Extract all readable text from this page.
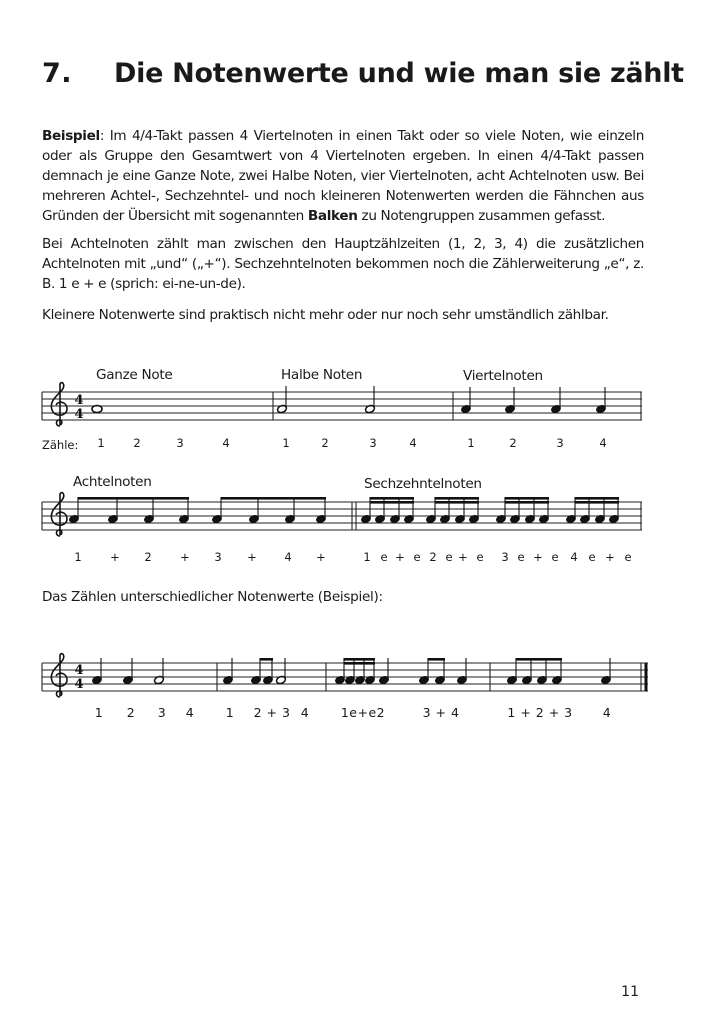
7. Die Notenwerte und wie man sie zählt
Beispiel: Im 4/4-Takt passen 4 Viertelnoten in einen Takt oder so viele Noten, wie einzeln oder als Gruppe den Gesamtwert von 4 Viertelnoten ergeben. In einen 4/4-Takt passen demnach je eine Ganze Note, zwei Halbe Noten, vier Viertelnoten, acht Achtelnoten usw. Bei mehreren Achtel-, Sechzehntel- und noch kleineren Notenwerten werden die Fähnchen aus Gründen der Übersicht mit sogenannten Balken zu Notengruppen zusammen gefasst.
Bei Achtelnoten zählt man zwischen den Hauptzählzeiten (1, 2, 3, 4) die zusätzlichen Achtelnoten mit „und“ („+“). Sechzehntelnoten bekommen noch die Zählerweiterung „e“, z. B. 1 e + e (sprich: ei-ne-un-de).
Kleinere Notenwerte sind praktisch nicht mehr oder nur noch sehr umständlich zählbar.
Ganze Note	Halbe Noten	Viertelnoten
4
4
Zähle:	1	2	3	4	1	2	3	4	1	2	3	4
Achtelnoten	Sechzehntelnoten
1	+	2	+	3	+	4	+	1 e + e 2 e + e	3 e + e	4 e + e
Das Zählen unterschiedlicher Notenwerte (Beispiel):
4
4
1	2	3	4	1	2 + 3 4	1e+e2	3 + 4	1 + 2 + 3	4
11
